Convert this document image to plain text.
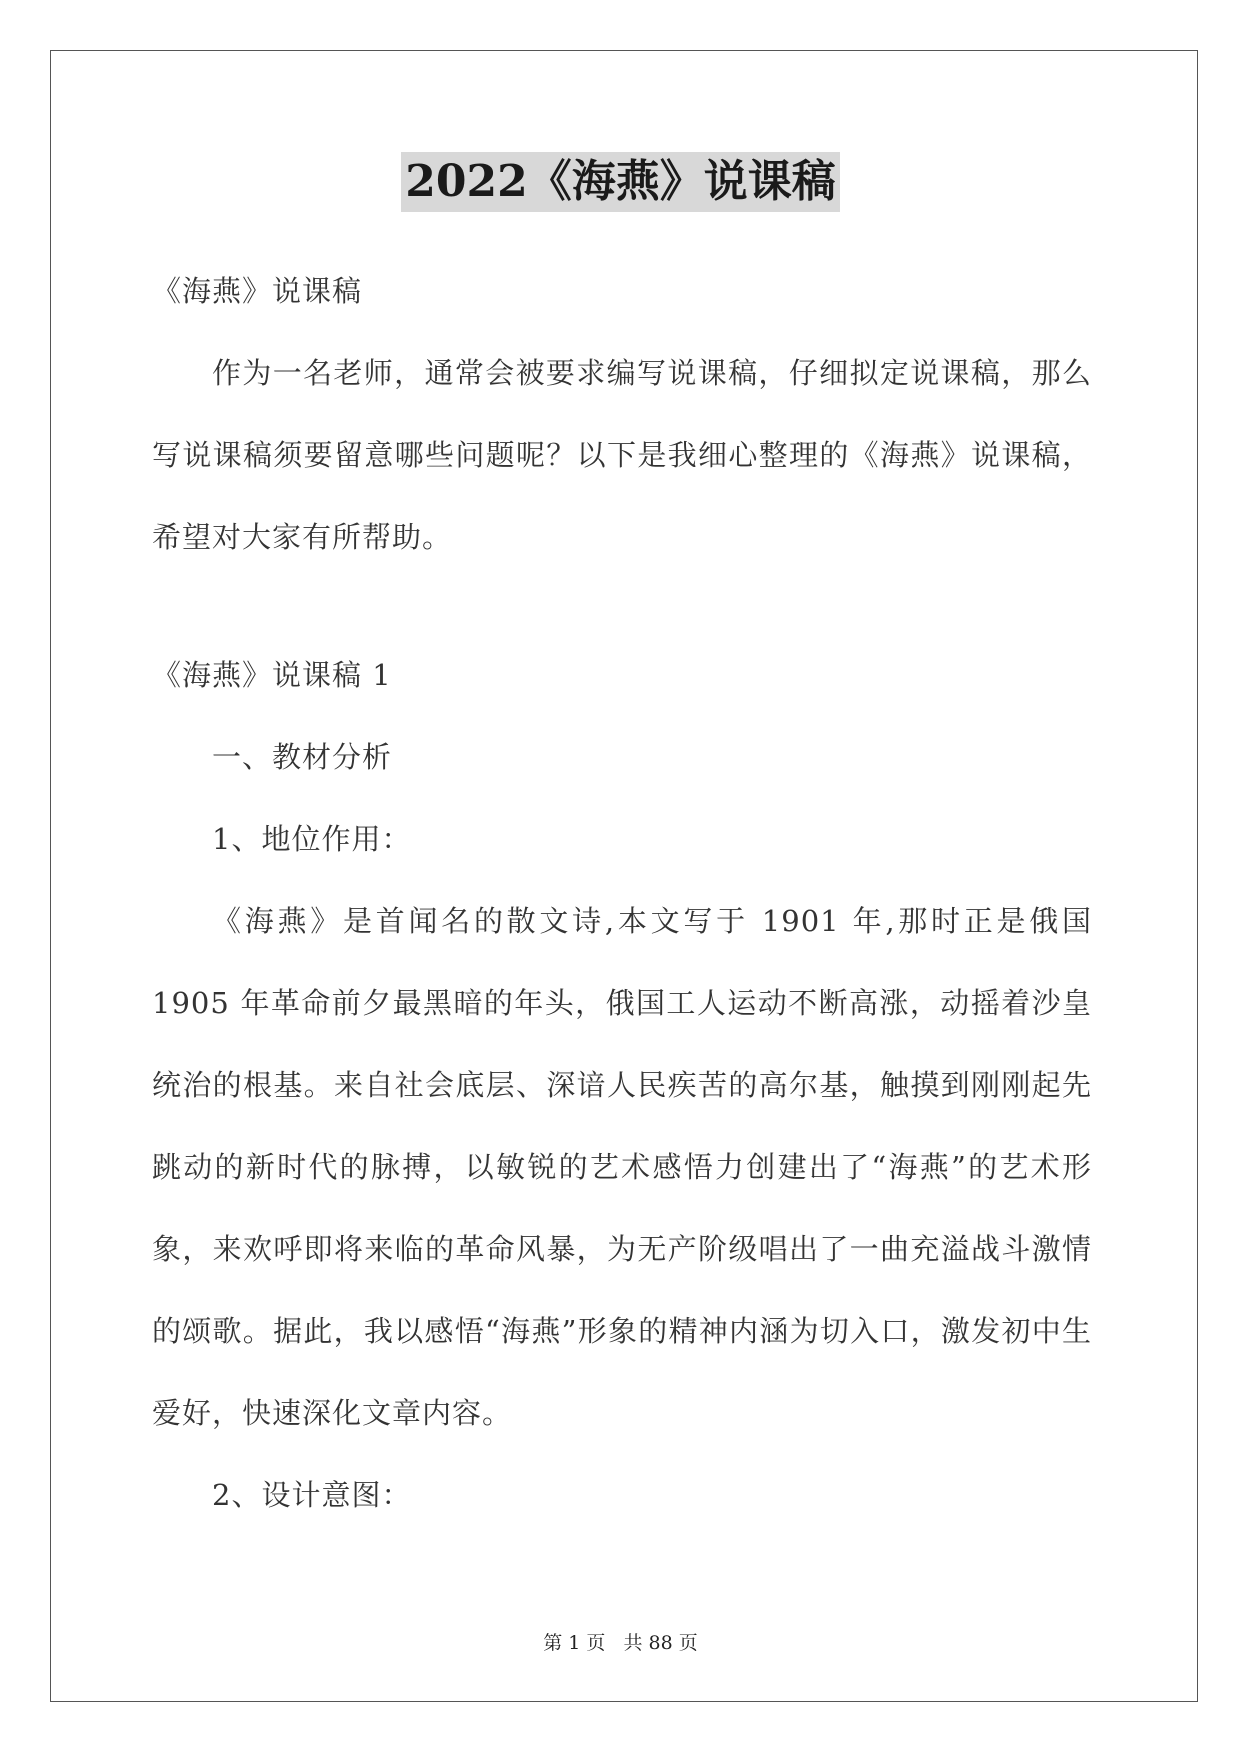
2022《海燕》说课稿

《海燕》说课稿

作为一名老师，通常会被要求编写说课稿，仔细拟定说课稿，那么写说课稿须要留意哪些问题呢？以下是我细心整理的《海燕》说课稿，希望对大家有所帮助。

《海燕》说课稿 1

一、教材分析

1、地位作用：

《海燕》是首闻名的散文诗,本文写于 1901 年,那时正是俄国 1905 年革命前夕最黑暗的年头，俄国工人运动不断高涨，动摇着沙皇统治的根基。来自社会底层、深谙人民疾苦的高尔基，触摸到刚刚起先跳动的新时代的脉搏，以敏锐的艺术感悟力创建出了“海燕”的艺术形象，来欢呼即将来临的革命风暴，为无产阶级唱出了一曲充溢战斗激情的颂歌。据此，我以感悟“海燕”形象的精神内涵为切入口，激发初中生爱好，快速深化文章内容。

2、设计意图：

第 1 页 共 88 页
